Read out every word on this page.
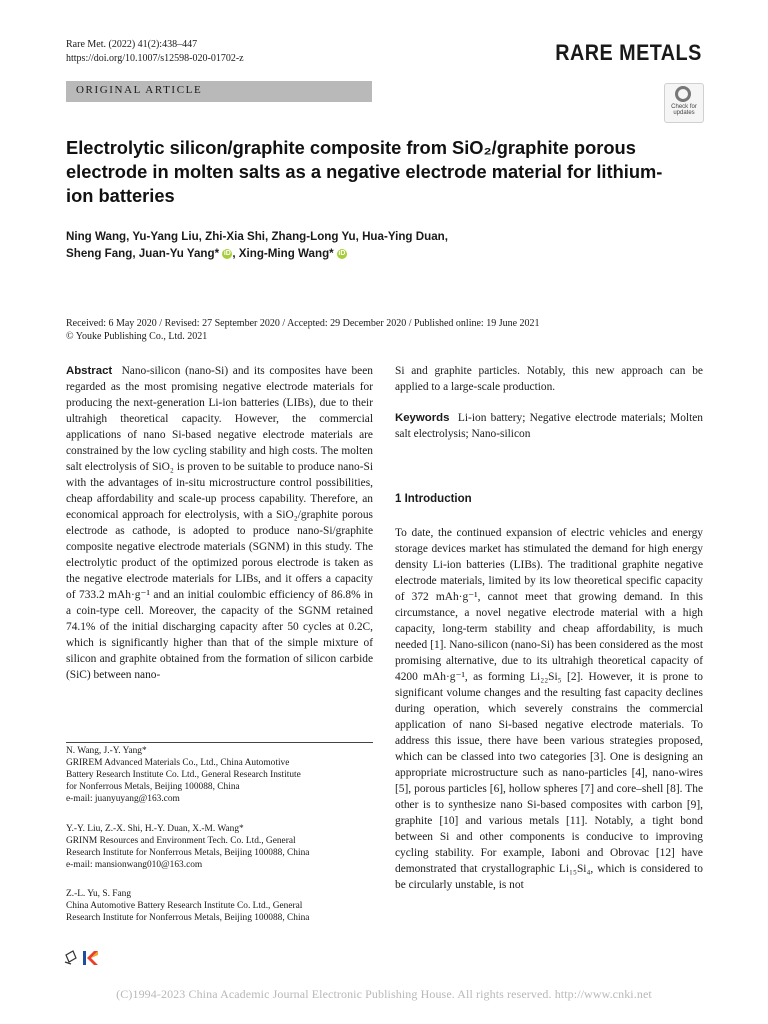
Rare Met. (2022) 41(2):438–447
https://doi.org/10.1007/s12598-020-01702-z	RARE METALS
ORIGINAL ARTICLE
Check for updates
Electrolytic silicon/graphite composite from SiO₂/graphite porous electrode in molten salts as a negative electrode material for lithium-ion batteries
Ning Wang, Yu-Yang Liu, Zhi-Xia Shi, Zhang-Long Yu, Hua-Ying Duan,
Sheng Fang, Juan-Yu Yang* iD , Xing-Ming Wang* iD
Received: 6 May 2020 / Revised: 27 September 2020 / Accepted: 29 December 2020 / Published online: 19 June 2021
© Youke Publishing Co., Ltd. 2021
Abstract Nano-silicon (nano-Si) and its composites have been regarded as the most promising negative electrode materials for producing the next-generation Li-ion batteries (LIBs), due to their ultrahigh theoretical capacity. However, the commercial applications of nano Si-based negative electrode materials are constrained by the low cycling stability and high costs. The molten salt electrolysis of SiO₂ is proven to be suitable to produce nano-Si with the advantages of in-situ microstructure control possibilities, cheap affordability and scale-up process capability. Therefore, an economical approach for electrolysis, with a SiO₂/graphite porous electrode as cathode, is adopted to produce nano-Si/graphite composite negative electrode materials (SGNM) in this study. The electrolytic product of the optimized porous electrode is taken as the negative electrode materials for LIBs, and it offers a capacity of 733.2 mAh·g⁻¹ and an initial coulombic efficiency of 86.8% in a coin-type cell. Moreover, the capacity of the SGNM retained 74.1% of the initial discharging capacity after 50 cycles at 0.2C, which is significantly higher than that of the simple mixture of silicon and graphite obtained from the formation of silicon carbide (SiC) between nano-
Si and graphite particles. Notably, this new approach can be applied to a large-scale production.
Keywords Li-ion battery; Negative electrode materials; Molten salt electrolysis; Nano-silicon
1 Introduction
To date, the continued expansion of electric vehicles and energy storage devices market has stimulated the demand for high energy density Li-ion batteries (LIBs). The traditional graphite negative electrode materials, limited by its low theoretical specific capacity of 372 mAh·g⁻¹, cannot meet that growing demand. In this circumstance, a novel negative electrode material with a high capacity, long-term stability and cheap affordability, is much needed [1]. Nano-silicon (nano-Si) has been considered as the most promising alternative, due to its ultrahigh theoretical capacity of 4200 mAh·g⁻¹, as forming Li₂₂Si₅ [2]. However, it is prone to significant volume changes and the resulting fast capacity declines during operation, which severely constrains the commercial application of nano Si-based negative electrode materials. To address this issue, there have been various strategies proposed, which can be classed into two categories [3]. One is designing an appropriate microstructure such as nano-particles [4], nano-wires [5], porous particles [6], hollow spheres [7] and core–shell [8]. The other is to synthesize nano Si-based composites with carbon [9], graphite [10] and various metals [11]. Notably, a tight bond between Si and other components is conducive to improving cycling stability. For example, Iaboni and Obrovac [12] have demonstrated that crystallographic Li₁₅Si₄, which is considered to be circularly unstable, is not
N. Wang, J.-Y. Yang*
GRIREM Advanced Materials Co., Ltd., China Automotive
Battery Research Institute Co. Ltd., General Research Institute
for Nonferrous Metals, Beijing 100088, China
e-mail: juanyuyang@163.com
Y.-Y. Liu, Z.-X. Shi, H.-Y. Duan, X.-M. Wang*
GRINM Resources and Environment Tech. Co. Ltd., General
Research Institute for Nonferrous Metals, Beijing 100088, China
e-mail: mansionwang010@163.com
Z.-L. Yu, S. Fang
China Automotive Battery Research Institute Co. Ltd., General
Research Institute for Nonferrous Metals, Beijing 100088, China
(C)1994-2023 China Academic Journal Electronic Publishing House. All rights reserved. http://www.cnki.net
